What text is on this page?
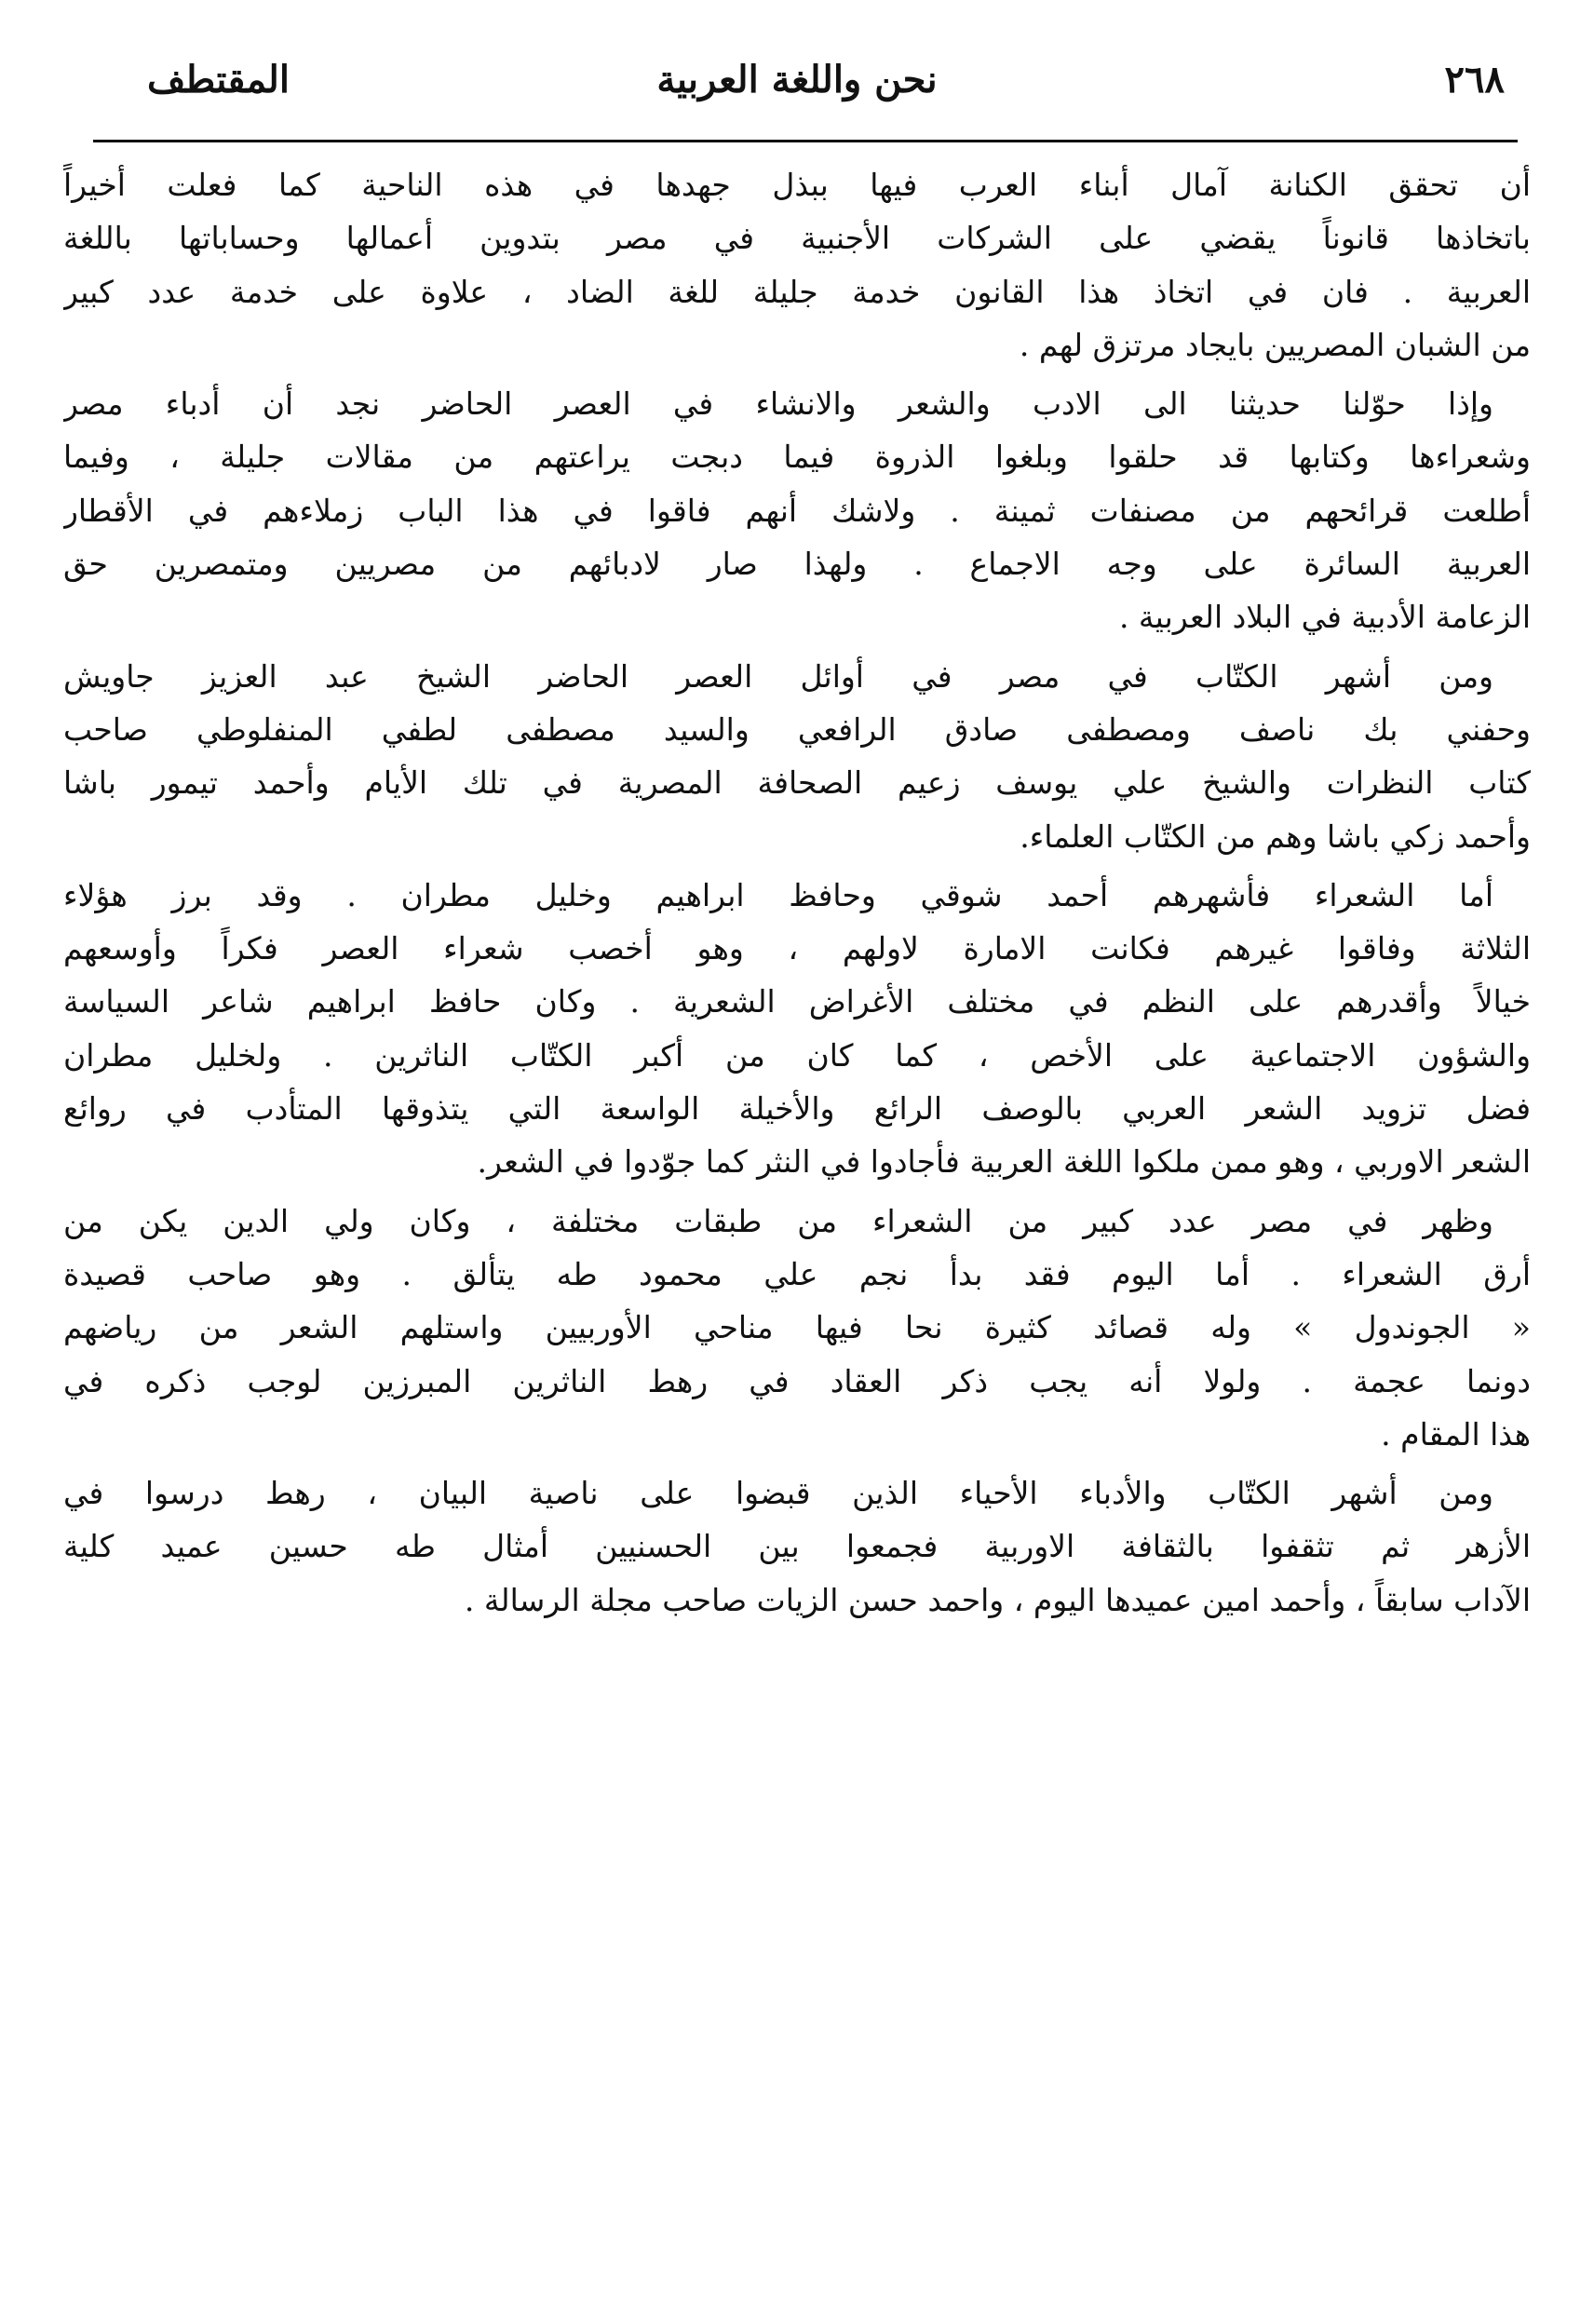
٢٦٨
نحن واللغة العربية
المقتطف

أن تحقق الكنانة آمال أبناء العرب فيها ببذل جهدها في هذه الناحية كما فعلت أخيراً
باتخاذها قانوناً يقضي على الشركات الأجنبية في مصر بتدوين أعمالها وحساباتها باللغة
العربية . فان في اتخاذ هذا القانون خدمة جليلة للغة الضاد ، علاوة على خدمة عدد كبير
من الشبان المصريين بايجاد مرتزق لهم .

وإذا حوّلنا حديثنا الى الادب والشعر والانشاء في العصر الحاضر نجد أن أدباء مصر
وشعراءها وكتابها قد حلقوا وبلغوا الذروة فيما دبجت يراعتهم من مقالات جليلة ، وفيما
أطلعت قرائحهم من مصنفات ثمينة . ولاشك أنهم فاقوا في هذا الباب زملاءهم في الأقطار
العربية السائرة على وجه الاجماع . ولهذا صار لادبائهم من مصريين ومتمصرين حق
الزعامة الأدبية في البلاد العربية .

ومن أشهر الكتّاب في مصر في أوائل العصر الحاضر الشيخ عبد العزيز جاويش
وحفني بك ناصف ومصطفى صادق الرافعي والسيد مصطفى لطفي المنفلوطي صاحب
كتاب النظرات والشيخ علي يوسف زعيم الصحافة المصرية في تلك الأيام وأحمد تيمور باشا
وأحمد زكي باشا وهم من الكتّاب العلماء.

أما الشعراء فأشهرهم أحمد شوقي وحافظ ابراهيم وخليل مطران . وقد برز هؤلاء
الثلاثة وفاقوا غيرهم فكانت الامارة لاولهم ، وهو أخصب شعراء العصر فكراً وأوسعهم
خيالاً وأقدرهم على النظم في مختلف الأغراض الشعرية . وكان حافظ ابراهيم شاعر السياسة
والشؤون الاجتماعية على الأخص ، كما كان من أكبر الكتّاب الناثرين . ولخليل مطران
فضل تزويد الشعر العربي بالوصف الرائع والأخيلة الواسعة التي يتذوقها المتأدب في روائع
الشعر الاوربي ، وهو ممن ملكوا اللغة العربية فأجادوا في النثر كما جوّدوا في الشعر.

وظهر في مصر عدد كبير من الشعراء من طبقات مختلفة ، وكان ولي الدين يكن من
أرق الشعراء . أما اليوم فقد بدأ نجم علي محمود طه يتألق . وهو صاحب قصيدة
« الجوندول » وله قصائد كثيرة نحا فيها مناحي الأوربيين واستلهم الشعر من رياضهم
دونما عجمة . ولولا أنه يجب ذكر العقاد في رهط الناثرين المبرزين لوجب ذكره في
هذا المقام .

ومن أشهر الكتّاب والأدباء الأحياء الذين قبضوا على ناصية البيان ، رهط درسوا في
الأزهر ثم تثقفوا بالثقافة الاوربية فجمعوا بين الحسنيين أمثال طه حسين عميد كلية
الآداب سابقاً ، وأحمد امين عميدها اليوم ، واحمد حسن الزيات صاحب مجلة الرسالة .
